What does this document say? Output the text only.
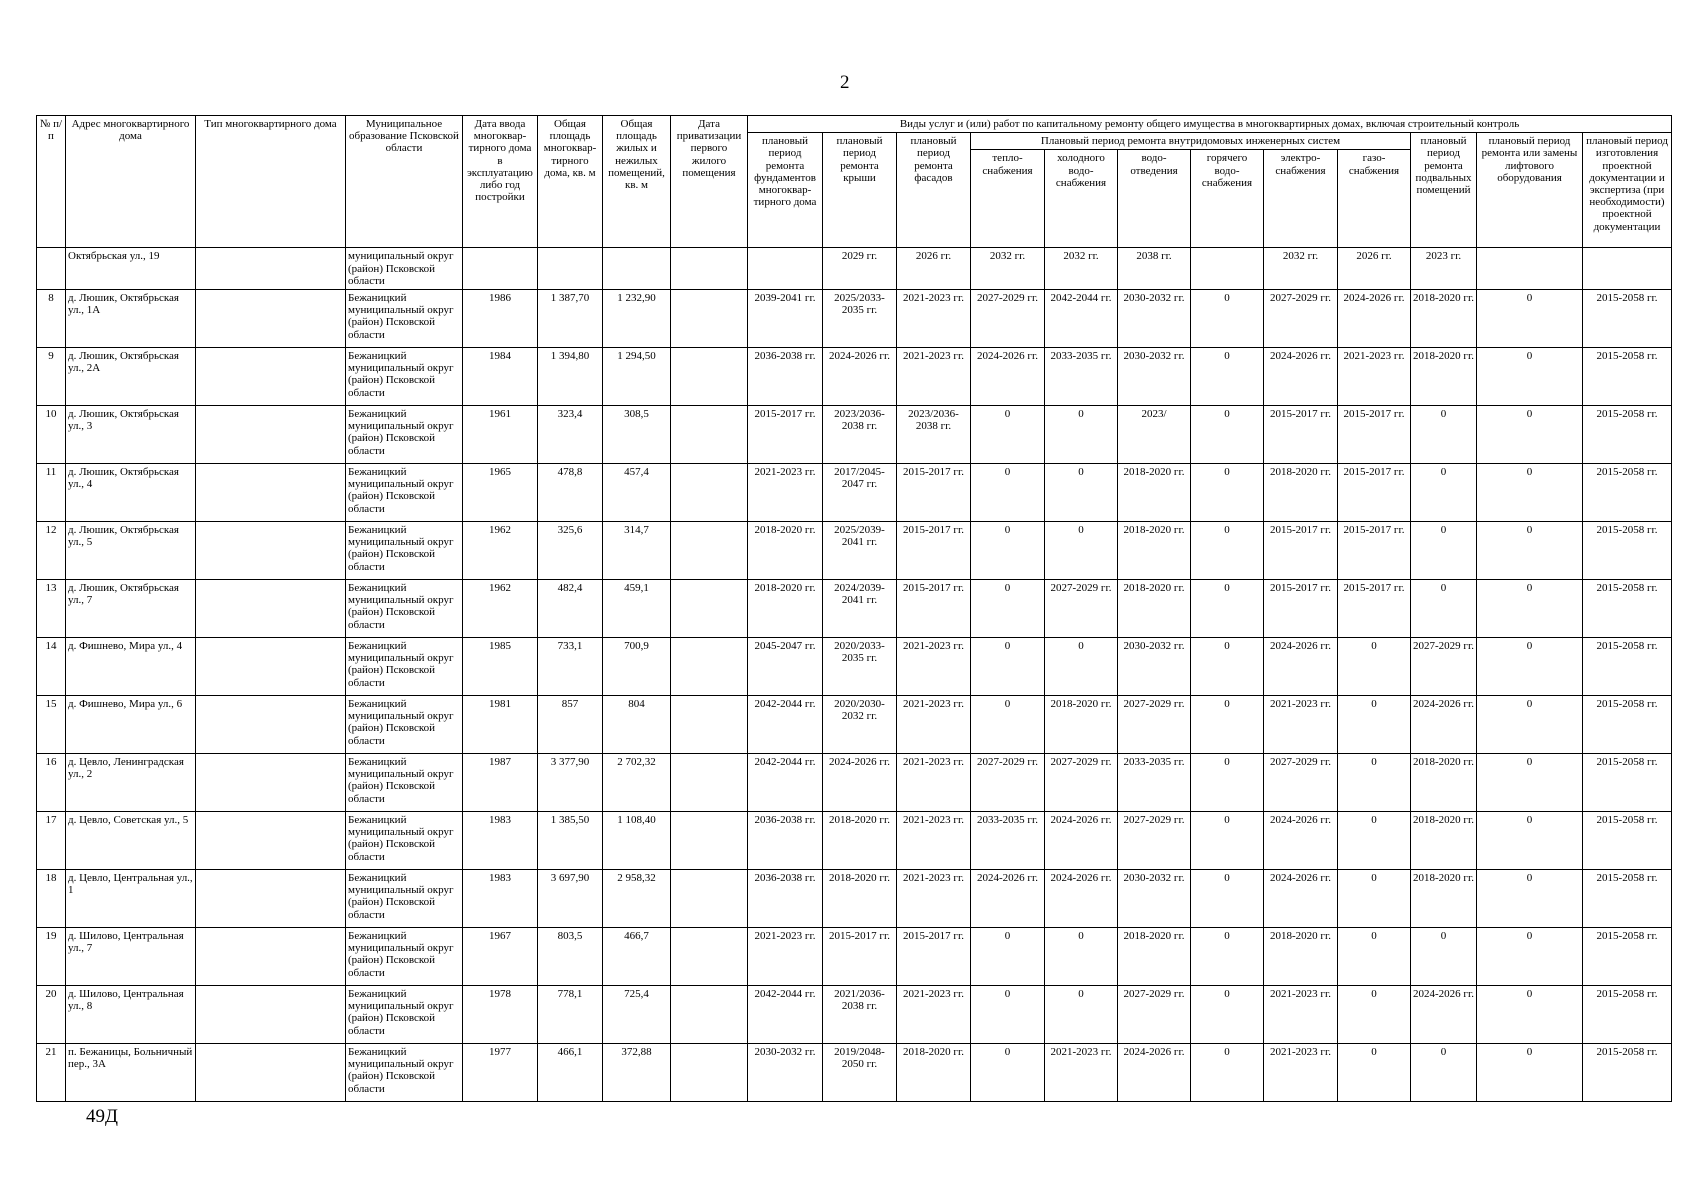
2
№ п/п	Адрес многоквартирного дома	Тип многоквартирного дома	Муниципальное образование Псковской области	Дата ввода многоквар-тирного дома в эксплуатацию либо год постройки	Общая площадь многоквар-тирного дома, кв. м	Общая площадь жилых и нежилых помещений, кв. м	Дата приватизации первого жилого помещения	Виды услуг и (или) работ по капитальному ремонту общего имущества в многоквартирных домах, включая строительный контроль											
								плановый период ремонта фундаментов многоквар-тирного дома	плановый период ремонта крыши	плановый период ремонта фасадов	Плановый период ремонта внутридомовых инженерных систем						плановый период ремонта подвальных помещений	плановый период ремонта или замены лифтового оборудования	плановый период изготовления проектной документации и экспертиза (при необходимости) проектной документации
											тепло-снабжения	холодного водо-снабжения	водо-отведения	горячего водо-снабжения	электро-снабжения	газо-снабжения			
	Октябрьская ул., 19		муниципальный округ (район) Псковской области						2029 гг.	2026 гг.	2032 гг.	2032 гг.	2038 гг.		2032 гг.	2026 гг.	2023 гг.		
8	д. Люшик, Октябрьская ул., 1А		Бежаницкий муниципальный округ (район) Псковской области	1986	1 387,70	1 232,90		2039-2041 гг.	2025/2033-2035 гг.	2021-2023 гг.	2027-2029 гг.	2042-2044 гг.	2030-2032 гг.	0	2027-2029 гг.	2024-2026 гг.	2018-2020 гг.	0	2015-2058 гг.
9	д. Люшик, Октябрьская ул., 2А		Бежаницкий муниципальный округ (район) Псковской области	1984	1 394,80	1 294,50		2036-2038 гг.	2024-2026 гг.	2021-2023 гг.	2024-2026 гг.	2033-2035 гг.	2030-2032 гг.	0	2024-2026 гг.	2021-2023 гг.	2018-2020 гг.	0	2015-2058 гг.
10	д. Люшик, Октябрьская ул., 3		Бежаницкий муниципальный округ (район) Псковской области	1961	323,4	308,5		2015-2017 гг.	2023/2036-2038 гг.	2023/2036-2038 гг.	0	0	2023/	0	2015-2017 гг.	2015-2017 гг.	0	0	2015-2058 гг.
11	д. Люшик, Октябрьская ул., 4		Бежаницкий муниципальный округ (район) Псковской области	1965	478,8	457,4		2021-2023 гг.	2017/2045-2047 гг.	2015-2017 гг.	0	0	2018-2020 гг.	0	2018-2020 гг.	2015-2017 гг.	0	0	2015-2058 гг.
12	д. Люшик, Октябрьская ул., 5		Бежаницкий муниципальный округ (район) Псковской области	1962	325,6	314,7		2018-2020 гг.	2025/2039-2041 гг.	2015-2017 гг.	0	0	2018-2020 гг.	0	2015-2017 гг.	2015-2017 гг.	0	0	2015-2058 гг.
13	д. Люшик, Октябрьская ул., 7		Бежаницкий муниципальный округ (район) Псковской области	1962	482,4	459,1		2018-2020 гг.	2024/2039-2041 гг.	2015-2017 гг.	0	2027-2029 гг.	2018-2020 гг.	0	2015-2017 гг.	2015-2017 гг.	0	0	2015-2058 гг.
14	д. Фишнево, Мира ул., 4		Бежаницкий муниципальный округ (район) Псковской области	1985	733,1	700,9		2045-2047 гг.	2020/2033-2035 гг.	2021-2023 гг.	0	0	2030-2032 гг.	0	2024-2026 гг.	0	2027-2029 гг.	0	2015-2058 гг.
15	д. Фишнево, Мира ул., 6		Бежаницкий муниципальный округ (район) Псковской области	1981	857	804		2042-2044 гг.	2020/2030-2032 гг.	2021-2023 гг.	0	2018-2020 гг.	2027-2029 гг.	0	2021-2023 гг.	0	2024-2026 гг.	0	2015-2058 гг.
16	д. Цевло, Ленинградская ул., 2		Бежаницкий муниципальный округ (район) Псковской области	1987	3 377,90	2 702,32		2042-2044 гг.	2024-2026 гг.	2021-2023 гг.	2027-2029 гг.	2027-2029 гг.	2033-2035 гг.	0	2027-2029 гг.	0	2018-2020 гг.	0	2015-2058 гг.
17	д. Цевло, Советская ул., 5		Бежаницкий муниципальный округ (район) Псковской области	1983	1 385,50	1 108,40		2036-2038 гг.	2018-2020 гг.	2021-2023 гг.	2033-2035 гг.	2024-2026 гг.	2027-2029 гг.	0	2024-2026 гг.	0	2018-2020 гг.	0	2015-2058 гг.
18	д. Цевло, Центральная ул., 1		Бежаницкий муниципальный округ (район) Псковской области	1983	3 697,90	2 958,32		2036-2038 гг.	2018-2020 гг.	2021-2023 гг.	2024-2026 гг.	2024-2026 гг.	2030-2032 гг.	0	2024-2026 гг.	0	2018-2020 гг.	0	2015-2058 гг.
19	д. Шилово, Центральная ул., 7		Бежаницкий муниципальный округ (район) Псковской области	1967	803,5	466,7		2021-2023 гг.	2015-2017 гг.	2015-2017 гг.	0	0	2018-2020 гг.	0	2018-2020 гг.	0	0	0	2015-2058 гг.
20	д. Шилово, Центральная ул., 8		Бежаницкий муниципальный округ (район) Псковской области	1978	778,1	725,4		2042-2044 гг.	2021/2036-2038 гг.	2021-2023 гг.	0	0	2027-2029 гг.	0	2021-2023 гг.	0	2024-2026 гг.	0	2015-2058 гг.
21	п. Бежаницы, Больничный пер., 3А		Бежаницкий муниципальный округ (район) Псковской области	1977	466,1	372,88		2030-2032 гг.	2019/2048-2050 гг.	2018-2020 гг.	0	2021-2023 гг.	2024-2026 гг.	0	2021-2023 гг.	0	0	0	2015-2058 гг.
49Д
